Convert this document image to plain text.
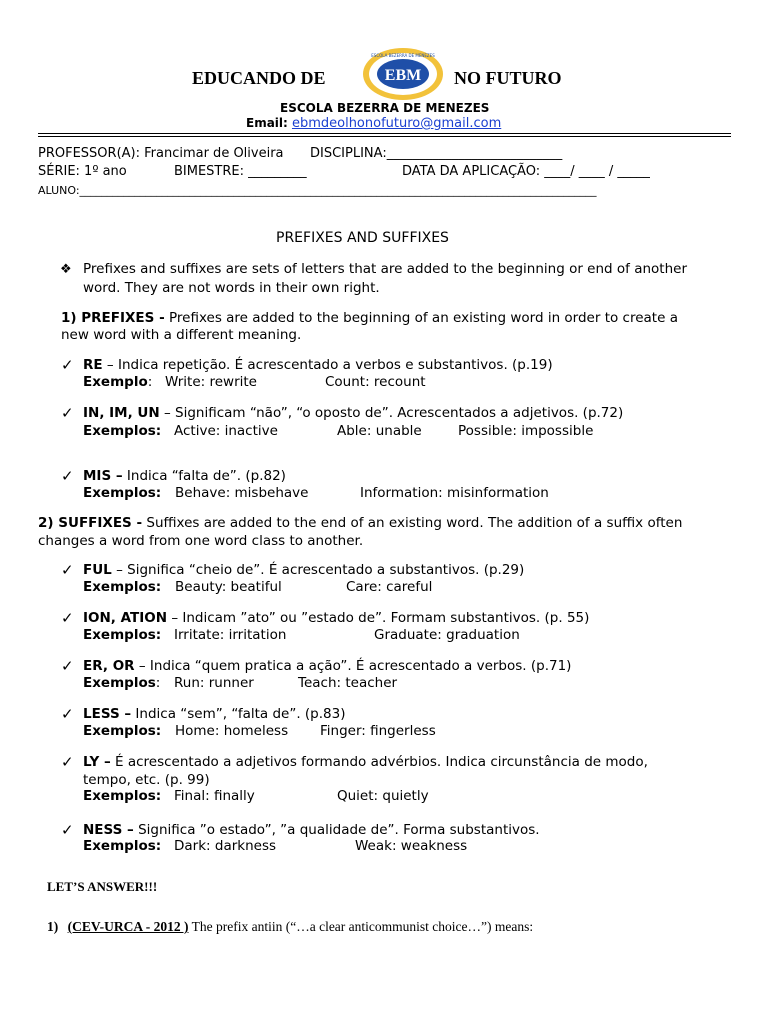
EDUCANDO DE	EBM
ESCOLA BEZERRA DE MENEZES
NO FUTURO
ESCOLA BEZERRA DE MENEZES
Email: ebmdeolhonofuturo@gmail.com
PROFESSOR(A): Francimar de Oliveira DISCIPLINA:___________________________
SÉRIE: 1º ano	BIMESTRE: _________	DATA DA APLICAÇÃO: ____/ ____ / _____
ALUNO:______________________________________________________________________________________________
PREFIXES AND SUFFIXES
❖ Prefixes and suffixes are sets of letters that are added to the beginning or end of another
word. They are not words in their own right.
1) PREFIXES - Prefixes are added to the beginning of an existing word in order to create a
new word with a different meaning.
✓ RE – Indica repetição. É acrescentado a verbos e substantivos. (p.19)
Exemplo: Write: rewrite	Count: recount
✓ IN, IM, UN – Significam “não”, “o oposto de”. Acrescentados a adjetivos. (p.72)
Exemplos: Active: inactive	Able: unable	Possible: impossible
✓ MIS – Indica “falta de”. (p.82)
Exemplos: Behave: misbehave	Information: misinformation
2) SUFFIXES - Suffixes are added to the end of an existing word. The addition of a suffix often
changes a word from one word class to another.
✓ FUL – Significa “cheio de”. É acrescentado a substantivos. (p.29)
Exemplos: Beauty: beatiful	Care: careful
✓ ION, ATION – Indicam ”ato” ou ”estado de”. Formam substantivos. (p. 55)
Exemplos: Irritate: irritation	Graduate: graduation
✓ ER, OR – Indica “quem pratica a ação”. É acrescentado a verbos. (p.71)
Exemplos: Run: runner	Teach: teacher
✓ LESS – Indica “sem”, “falta de”. (p.83)
Exemplos: Home: homeless Finger: fingerless
✓ LY – É acrescentado a adjetivos formando advérbios. Indica circunstância de modo,
tempo, etc. (p. 99)
Exemplos: Final: finally	Quiet: quietly
✓ NESS – Significa ”o estado”, ”a qualidade de”. Forma substantivos.
Exemplos: Dark: darkness	Weak: weakness
LET’S ANSWER!!!
1) (CEV-URCA - 2012 ) The prefix antiin (“…a clear anticommunist choice…”) means:
